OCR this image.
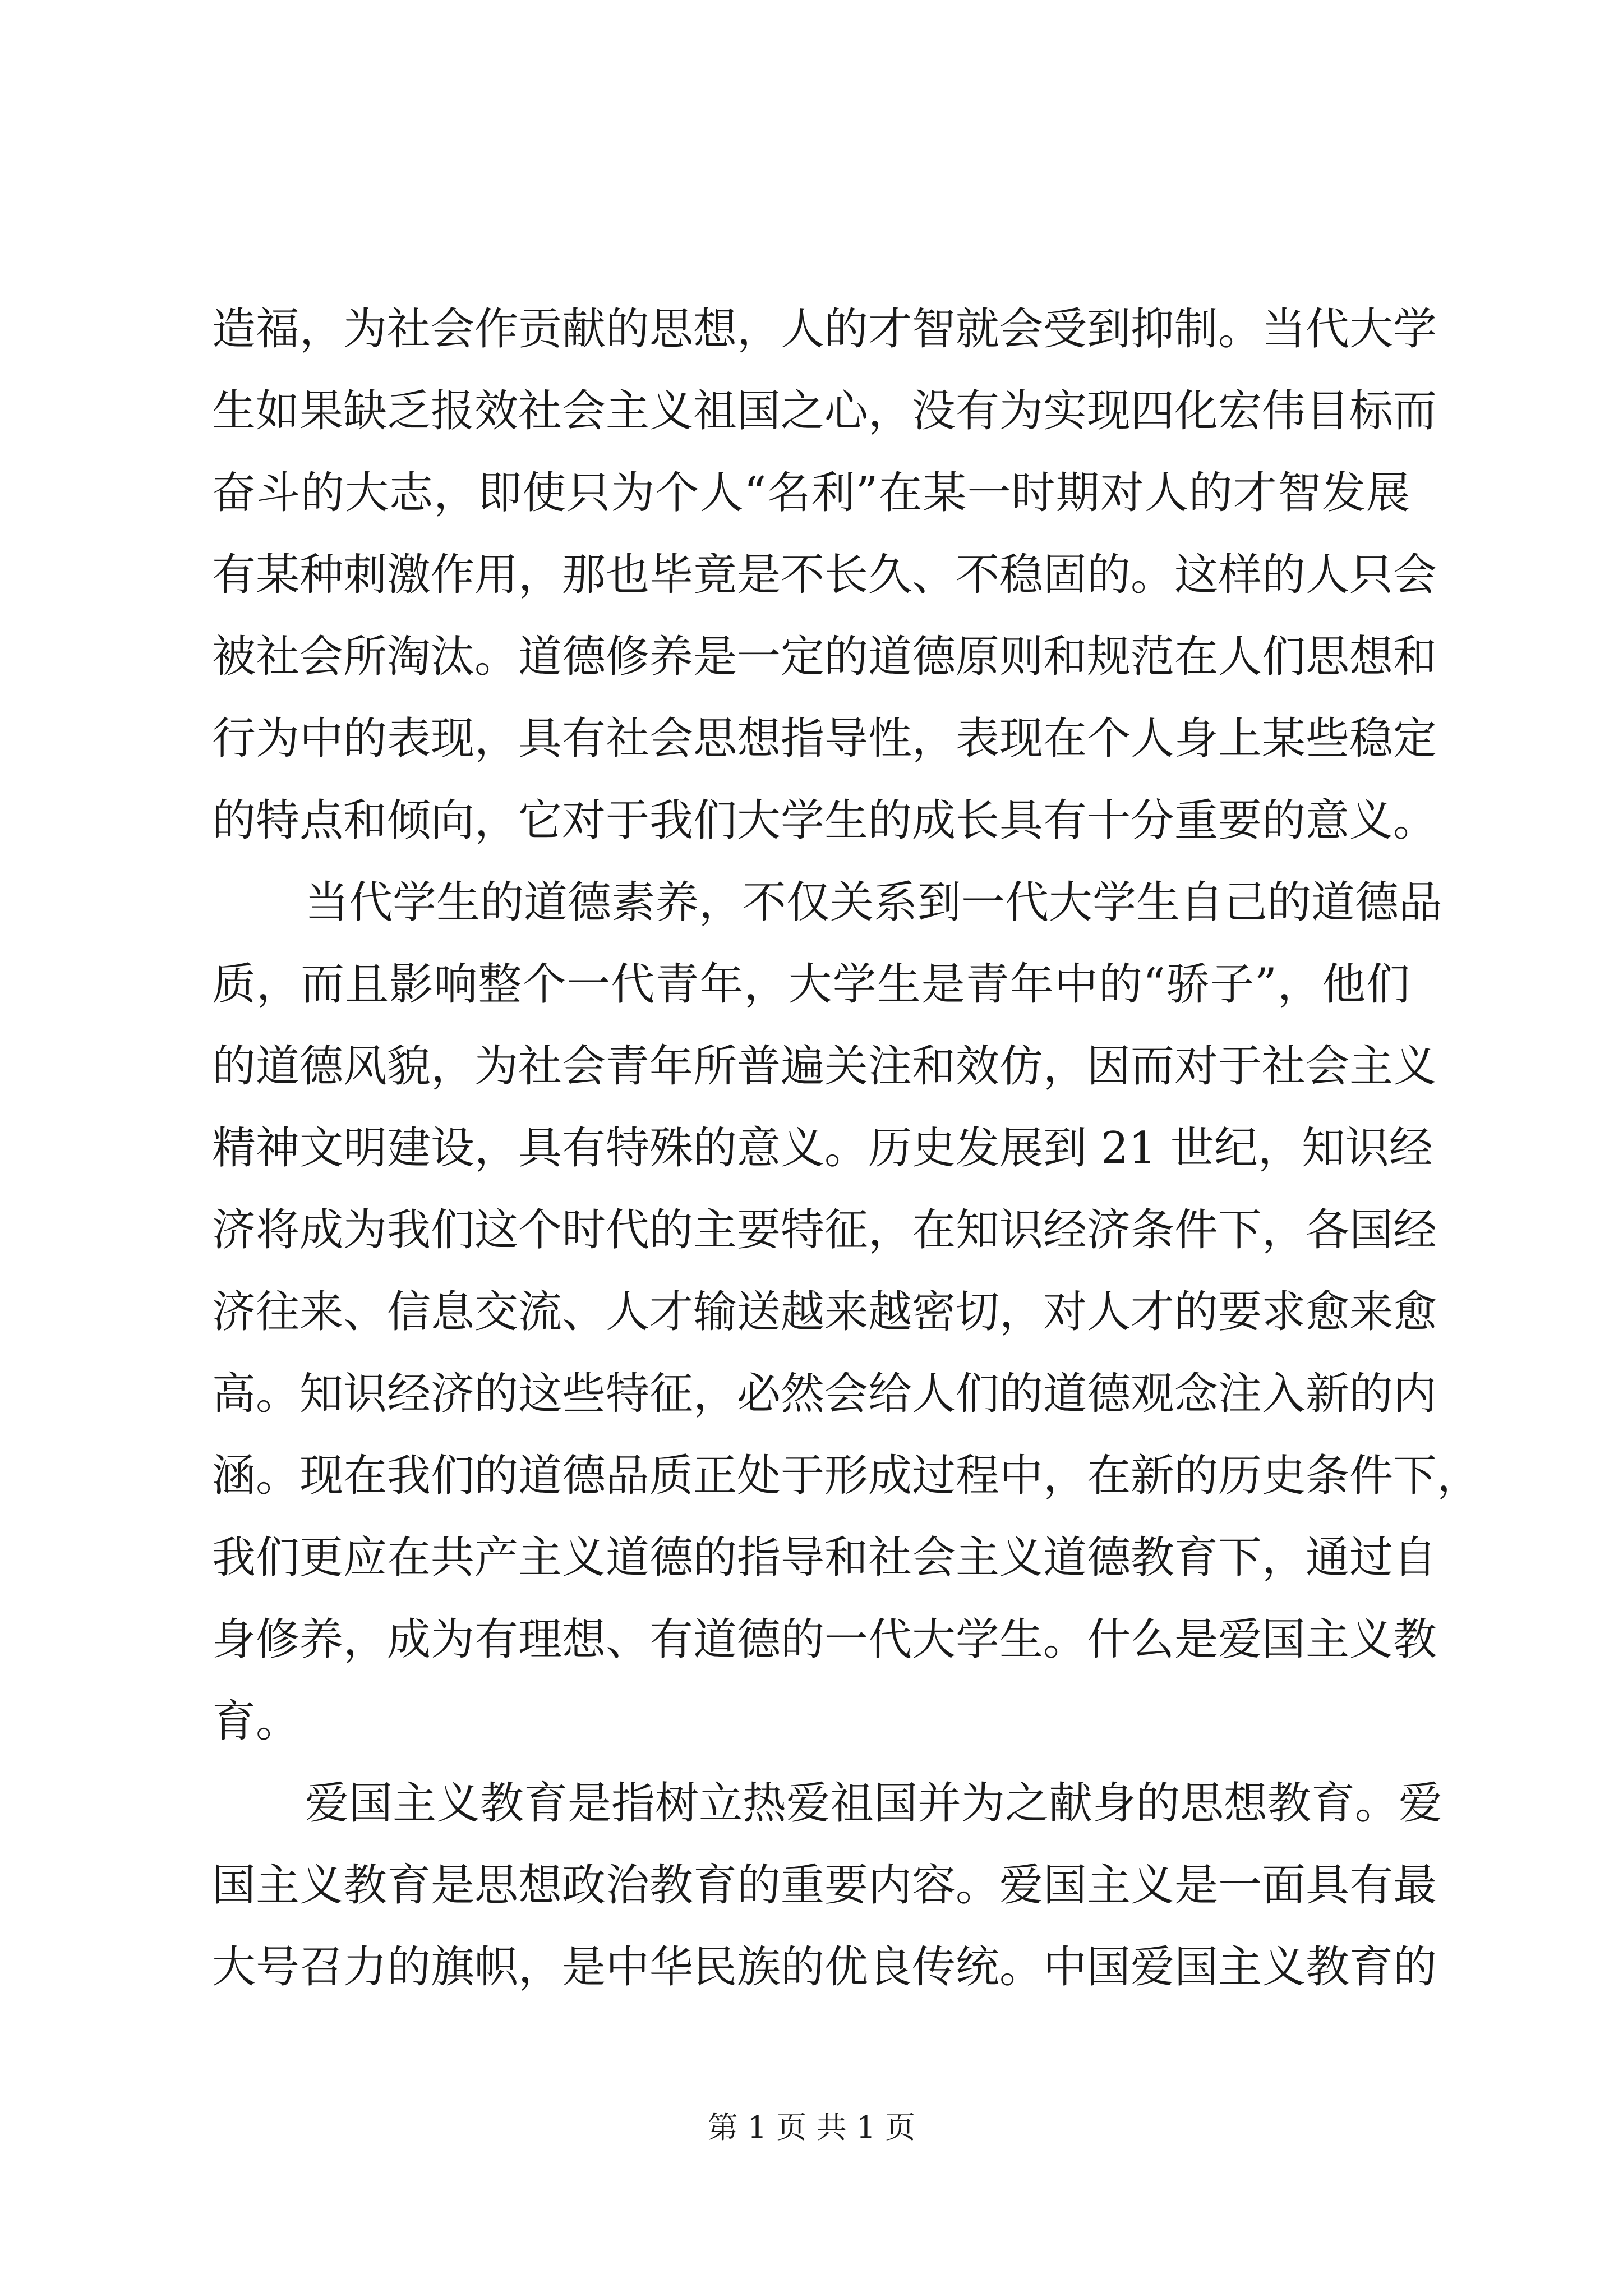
造福，为社会作贡献的思想，人的才智就会受到抑制。当代大学
生如果缺乏报效社会主义祖国之心，没有为实现四化宏伟目标而
奋斗的大志，即使只为个人“名利”在某一时期对人的才智发展
有某种刺激作用，那也毕竟是不长久、不稳固的。这样的人只会
被社会所淘汰。道德修养是一定的道德原则和规范在人们思想和
行为中的表现，具有社会思想指导性，表现在个人身上某些稳定
的特点和倾向，它对于我们大学生的成长具有十分重要的意义。
当代学生的道德素养，不仅关系到一代大学生自己的道德品
质，而且影响整个一代青年，大学生是青年中的“骄子”，他们
的道德风貌，为社会青年所普遍关注和效仿，因而对于社会主义
精神文明建设，具有特殊的意义。历史发展到 21 世纪，知识经
济将成为我们这个时代的主要特征，在知识经济条件下，各国经
济往来、信息交流、人才输送越来越密切，对人才的要求愈来愈
高。知识经济的这些特征，必然会给人们的道德观念注入新的内
涵。现在我们的道德品质正处于形成过程中，在新的历史条件下，
我们更应在共产主义道德的指导和社会主义道德教育下，通过自
身修养，成为有理想、有道德的一代大学生。什么是爱国主义教
育。
爱国主义教育是指树立热爱祖国并为之献身的思想教育。爱
国主义教育是思想政治教育的重要内容。爱国主义是一面具有最
大号召力的旗帜，是中华民族的优良传统。中国爱国主义教育的
第 1 页 共 1 页
